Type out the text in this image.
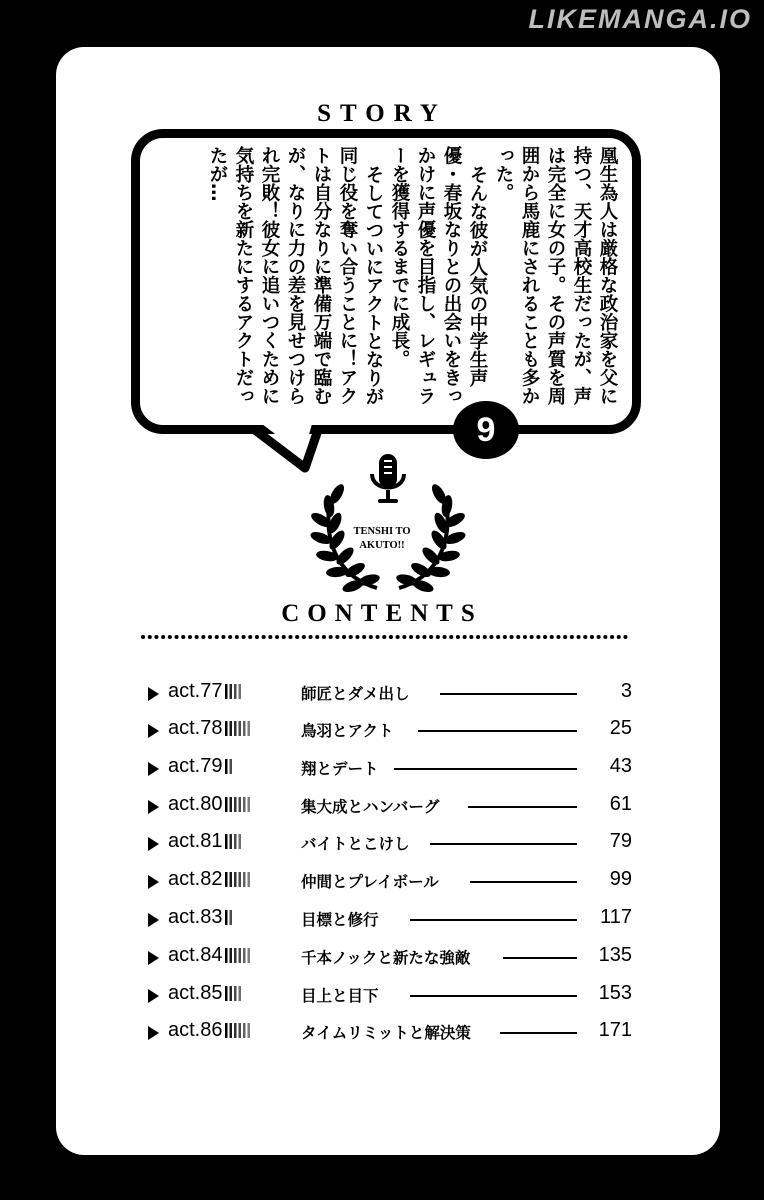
LIKEMANGA.IO
STORY

凰生為人は厳格な政治家を父に持つ、天才高校生だったが、声は完全に女の子。その声質を周囲から馬鹿にされることも多かった。

そんな彼が人気の中学生声優・春坂なりとの出会いをきっかけに声優を目指し、レギュラーを獲得するまでに成長。

そしてついにアクトとなりが同じ役を奪い合うことに！アクトは自分なりに準備万端で臨むが、なりに力の差を見せつけられ完敗！彼女に追いつくために気持ちを新たにするアクトだったが…

9
TENSHI TO
AKUTO!!
CONTENTS
act.77	師匠とダメ出し	3
act.78	鳥羽とアクト	25
act.79	翔とデート	43
act.80	集大成とハンバーグ	61
act.81	バイトとこけし	79
act.82	仲間とプレイボール	99
act.83	目標と修行	117
act.84	千本ノックと新たな強敵	135
act.85	目上と目下	153
act.86	タイムリミットと解決策	171
